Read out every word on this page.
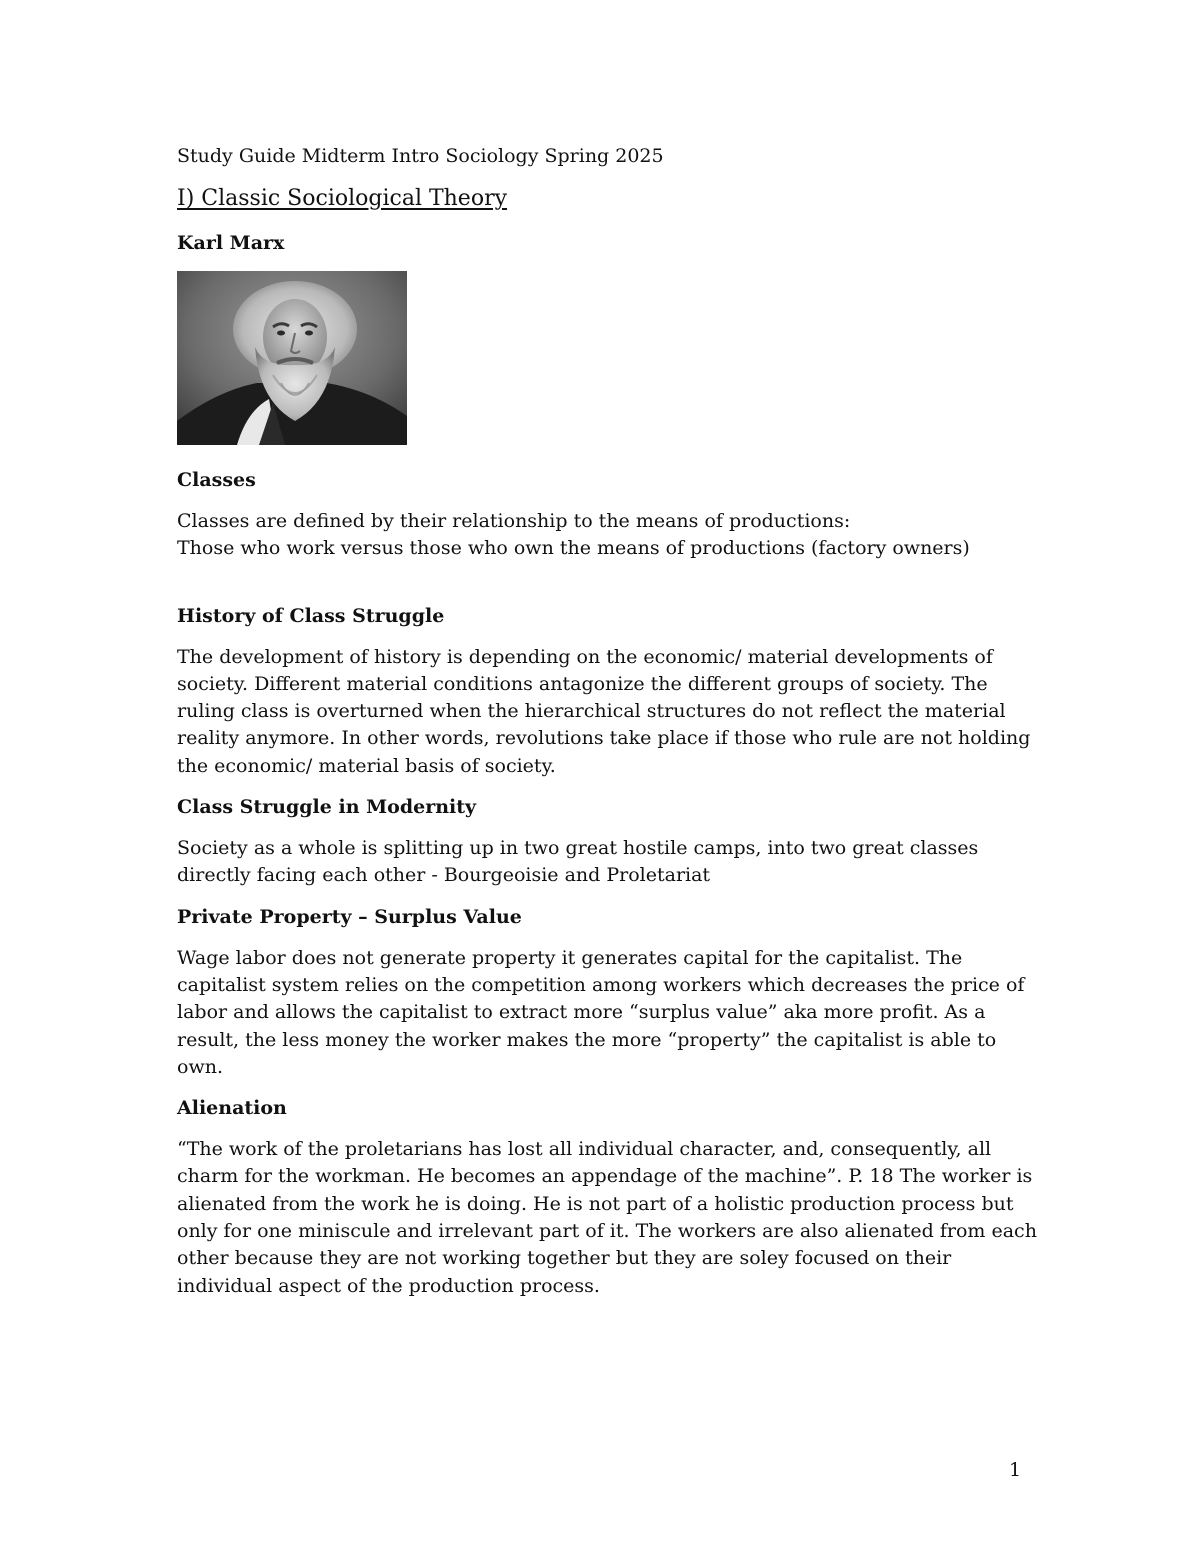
Study Guide Midterm Intro Sociology Spring 2025
I) Classic Sociological Theory
Karl Marx
Classes

Classes are defined by their relationship to the means of productions:
Those who work versus those who own the means of productions (factory owners)

History of Class Struggle

The development of history is depending on the economic/ material developments of society. Different material conditions antagonize the different groups of society. The ruling class is overturned when the hierarchical structures do not reflect the material reality anymore. In other words, revolutions take place if those who rule are not holding the economic/ material basis of society.

Class Struggle in Modernity

Society as a whole is splitting up in two great hostile camps, into two great classes directly facing each other - Bourgeoisie and Proletariat

Private Property – Surplus Value

Wage labor does not generate property it generates capital for the capitalist. The capitalist system relies on the competition among workers which decreases the price of labor and allows the capitalist to extract more “surplus value” aka more profit. As a result, the less money the worker makes the more “property” the capitalist is able to own.

Alienation

“The work of the proletarians has lost all individual character, and, consequently, all charm for the workman. He becomes an appendage of the machine”. P. 18 The worker is alienated from the work he is doing. He is not part of a holistic production process but only for one miniscule and irrelevant part of it. The workers are also alienated from each other because they are not working together but they are soley focused on their individual aspect of the production process.

1
